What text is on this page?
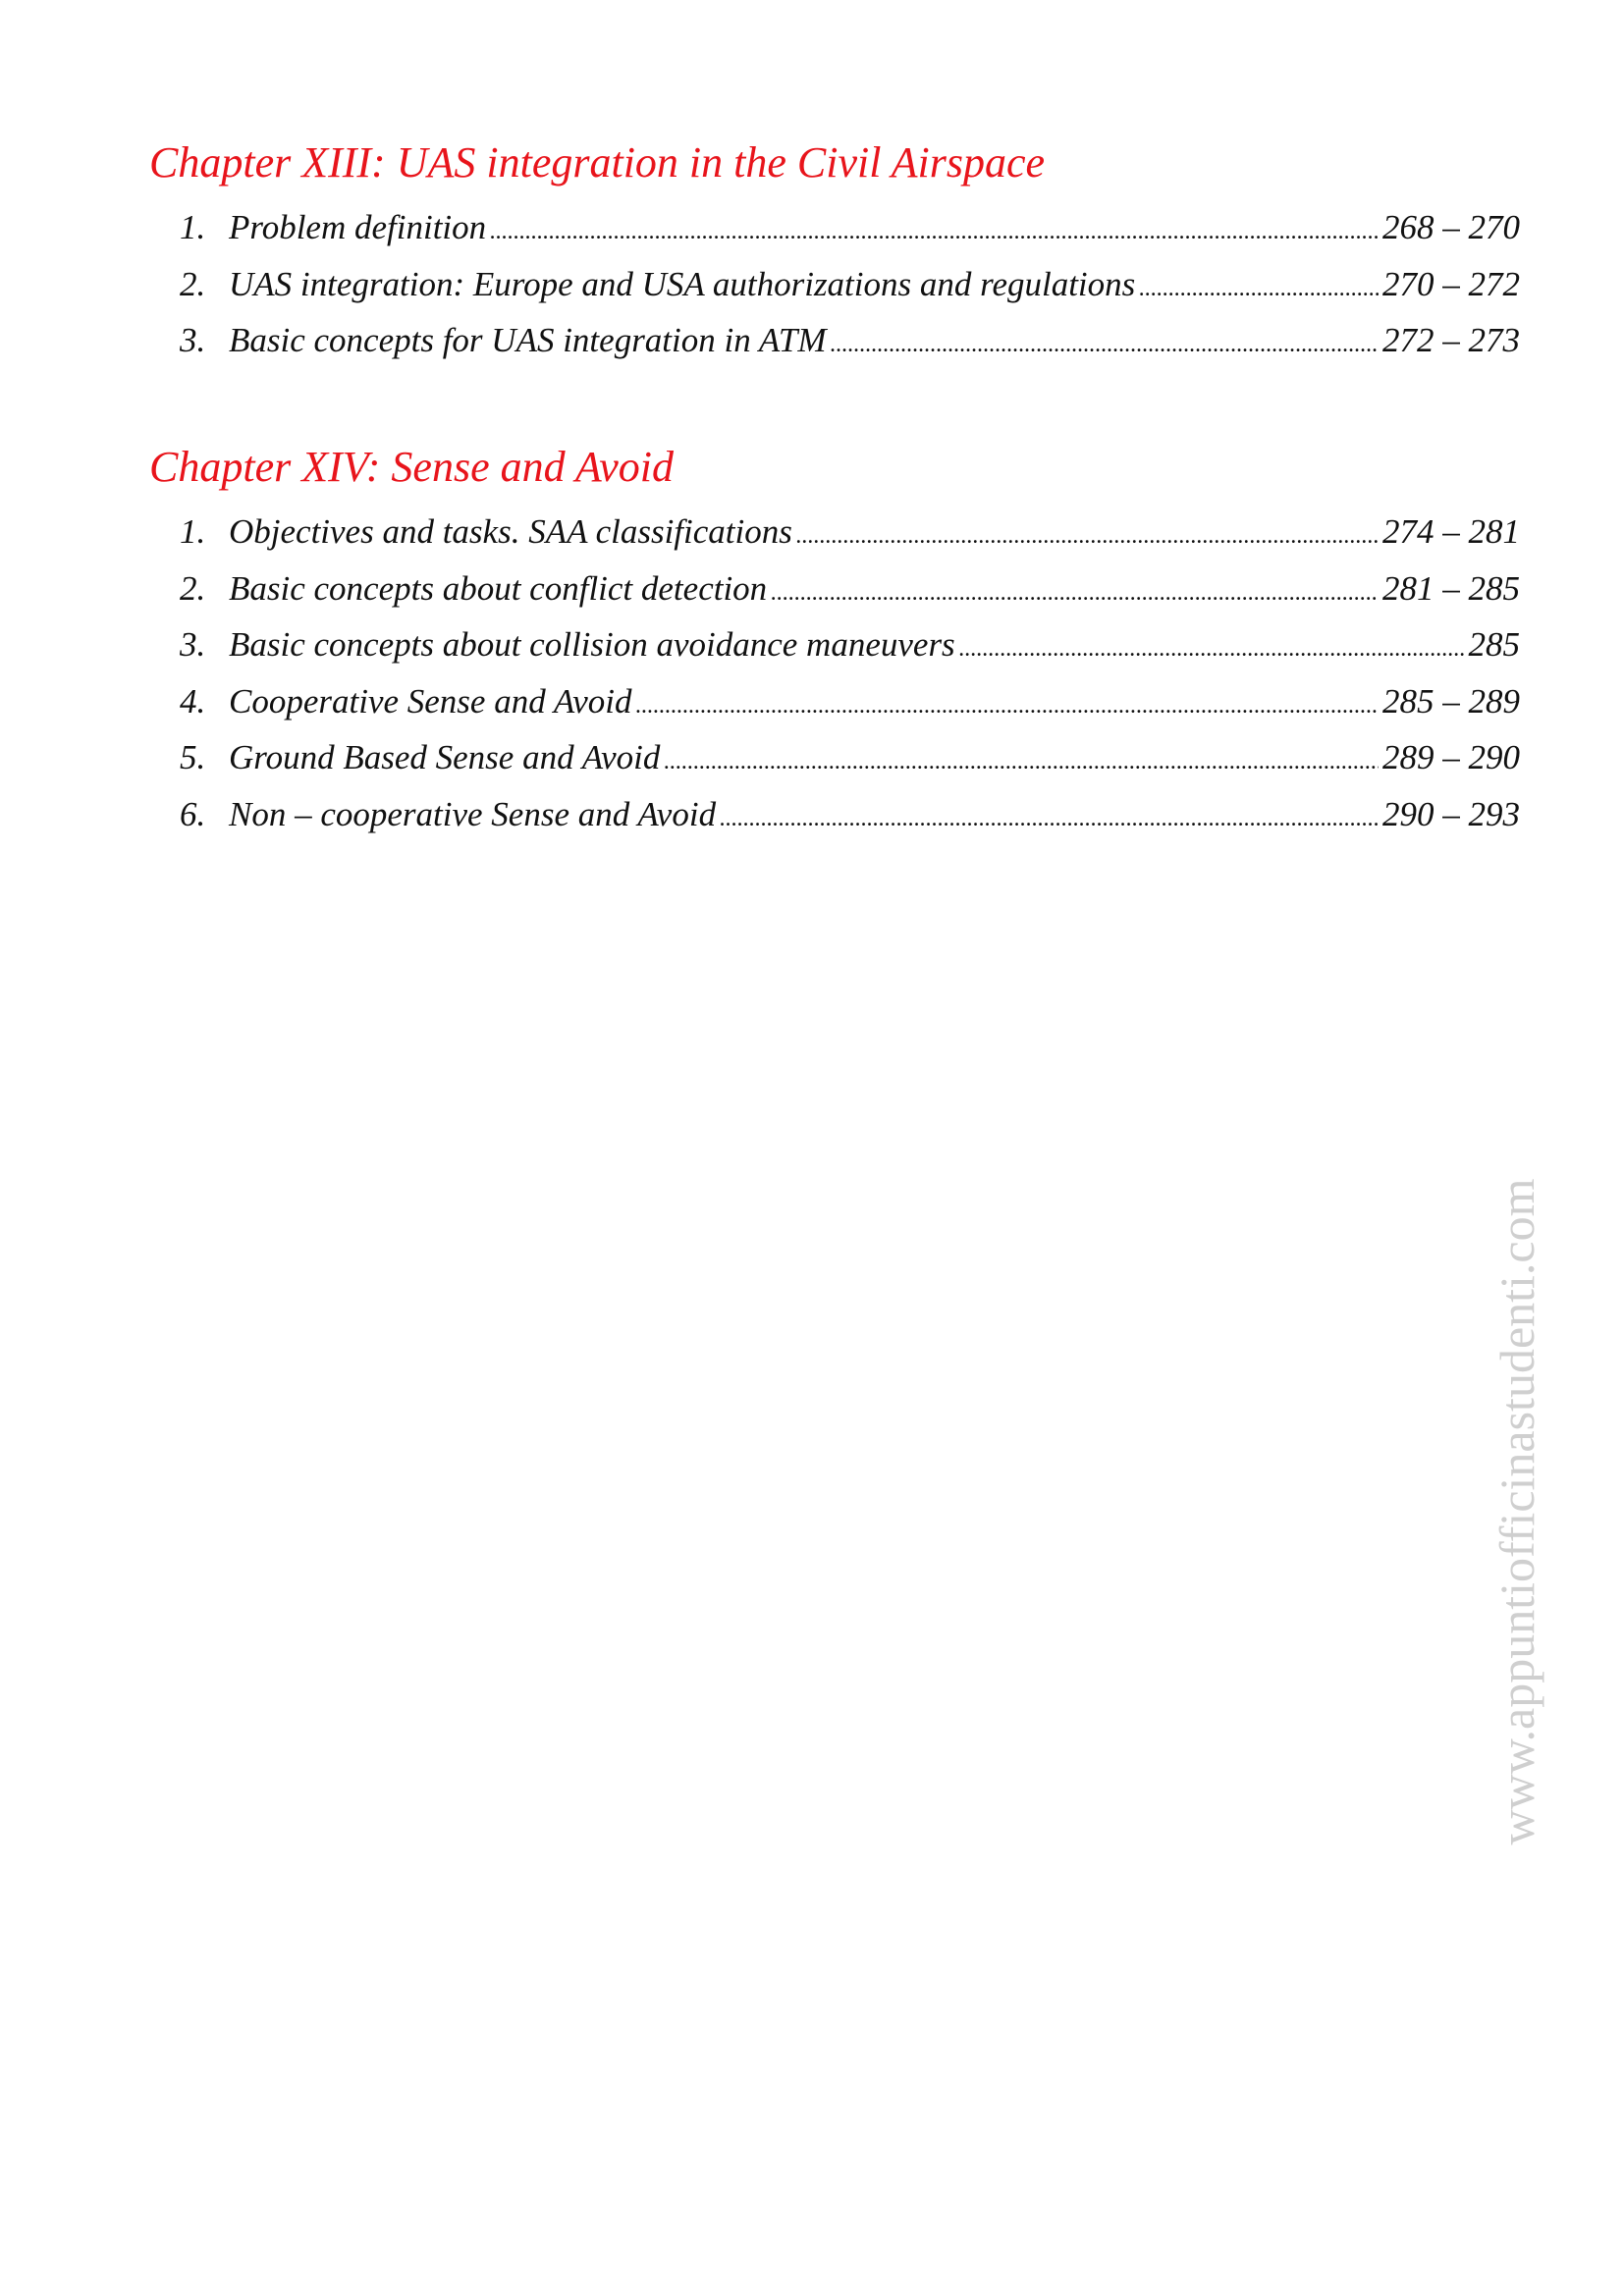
Chapter XIII: UAS integration in the Civil Airspace
1. Problem definition .....	268 – 270
2. UAS integration: Europe and USA authorizations and regulations .....	270 – 272
3. Basic concepts for UAS integration in ATM .....	272 – 273
Chapter XIV: Sense and Avoid
1. Objectives and tasks. SAA classifications .....	274 – 281
2. Basic concepts about conflict detection .....	281 – 285
3. Basic concepts about collision avoidance maneuvers .....	285
4. Cooperative Sense and Avoid .....	285 – 289
5. Ground Based Sense and Avoid .....	289 – 290
6. Non – cooperative Sense and Avoid .....	290 – 293
www.appuntiofficinastudenti.com
